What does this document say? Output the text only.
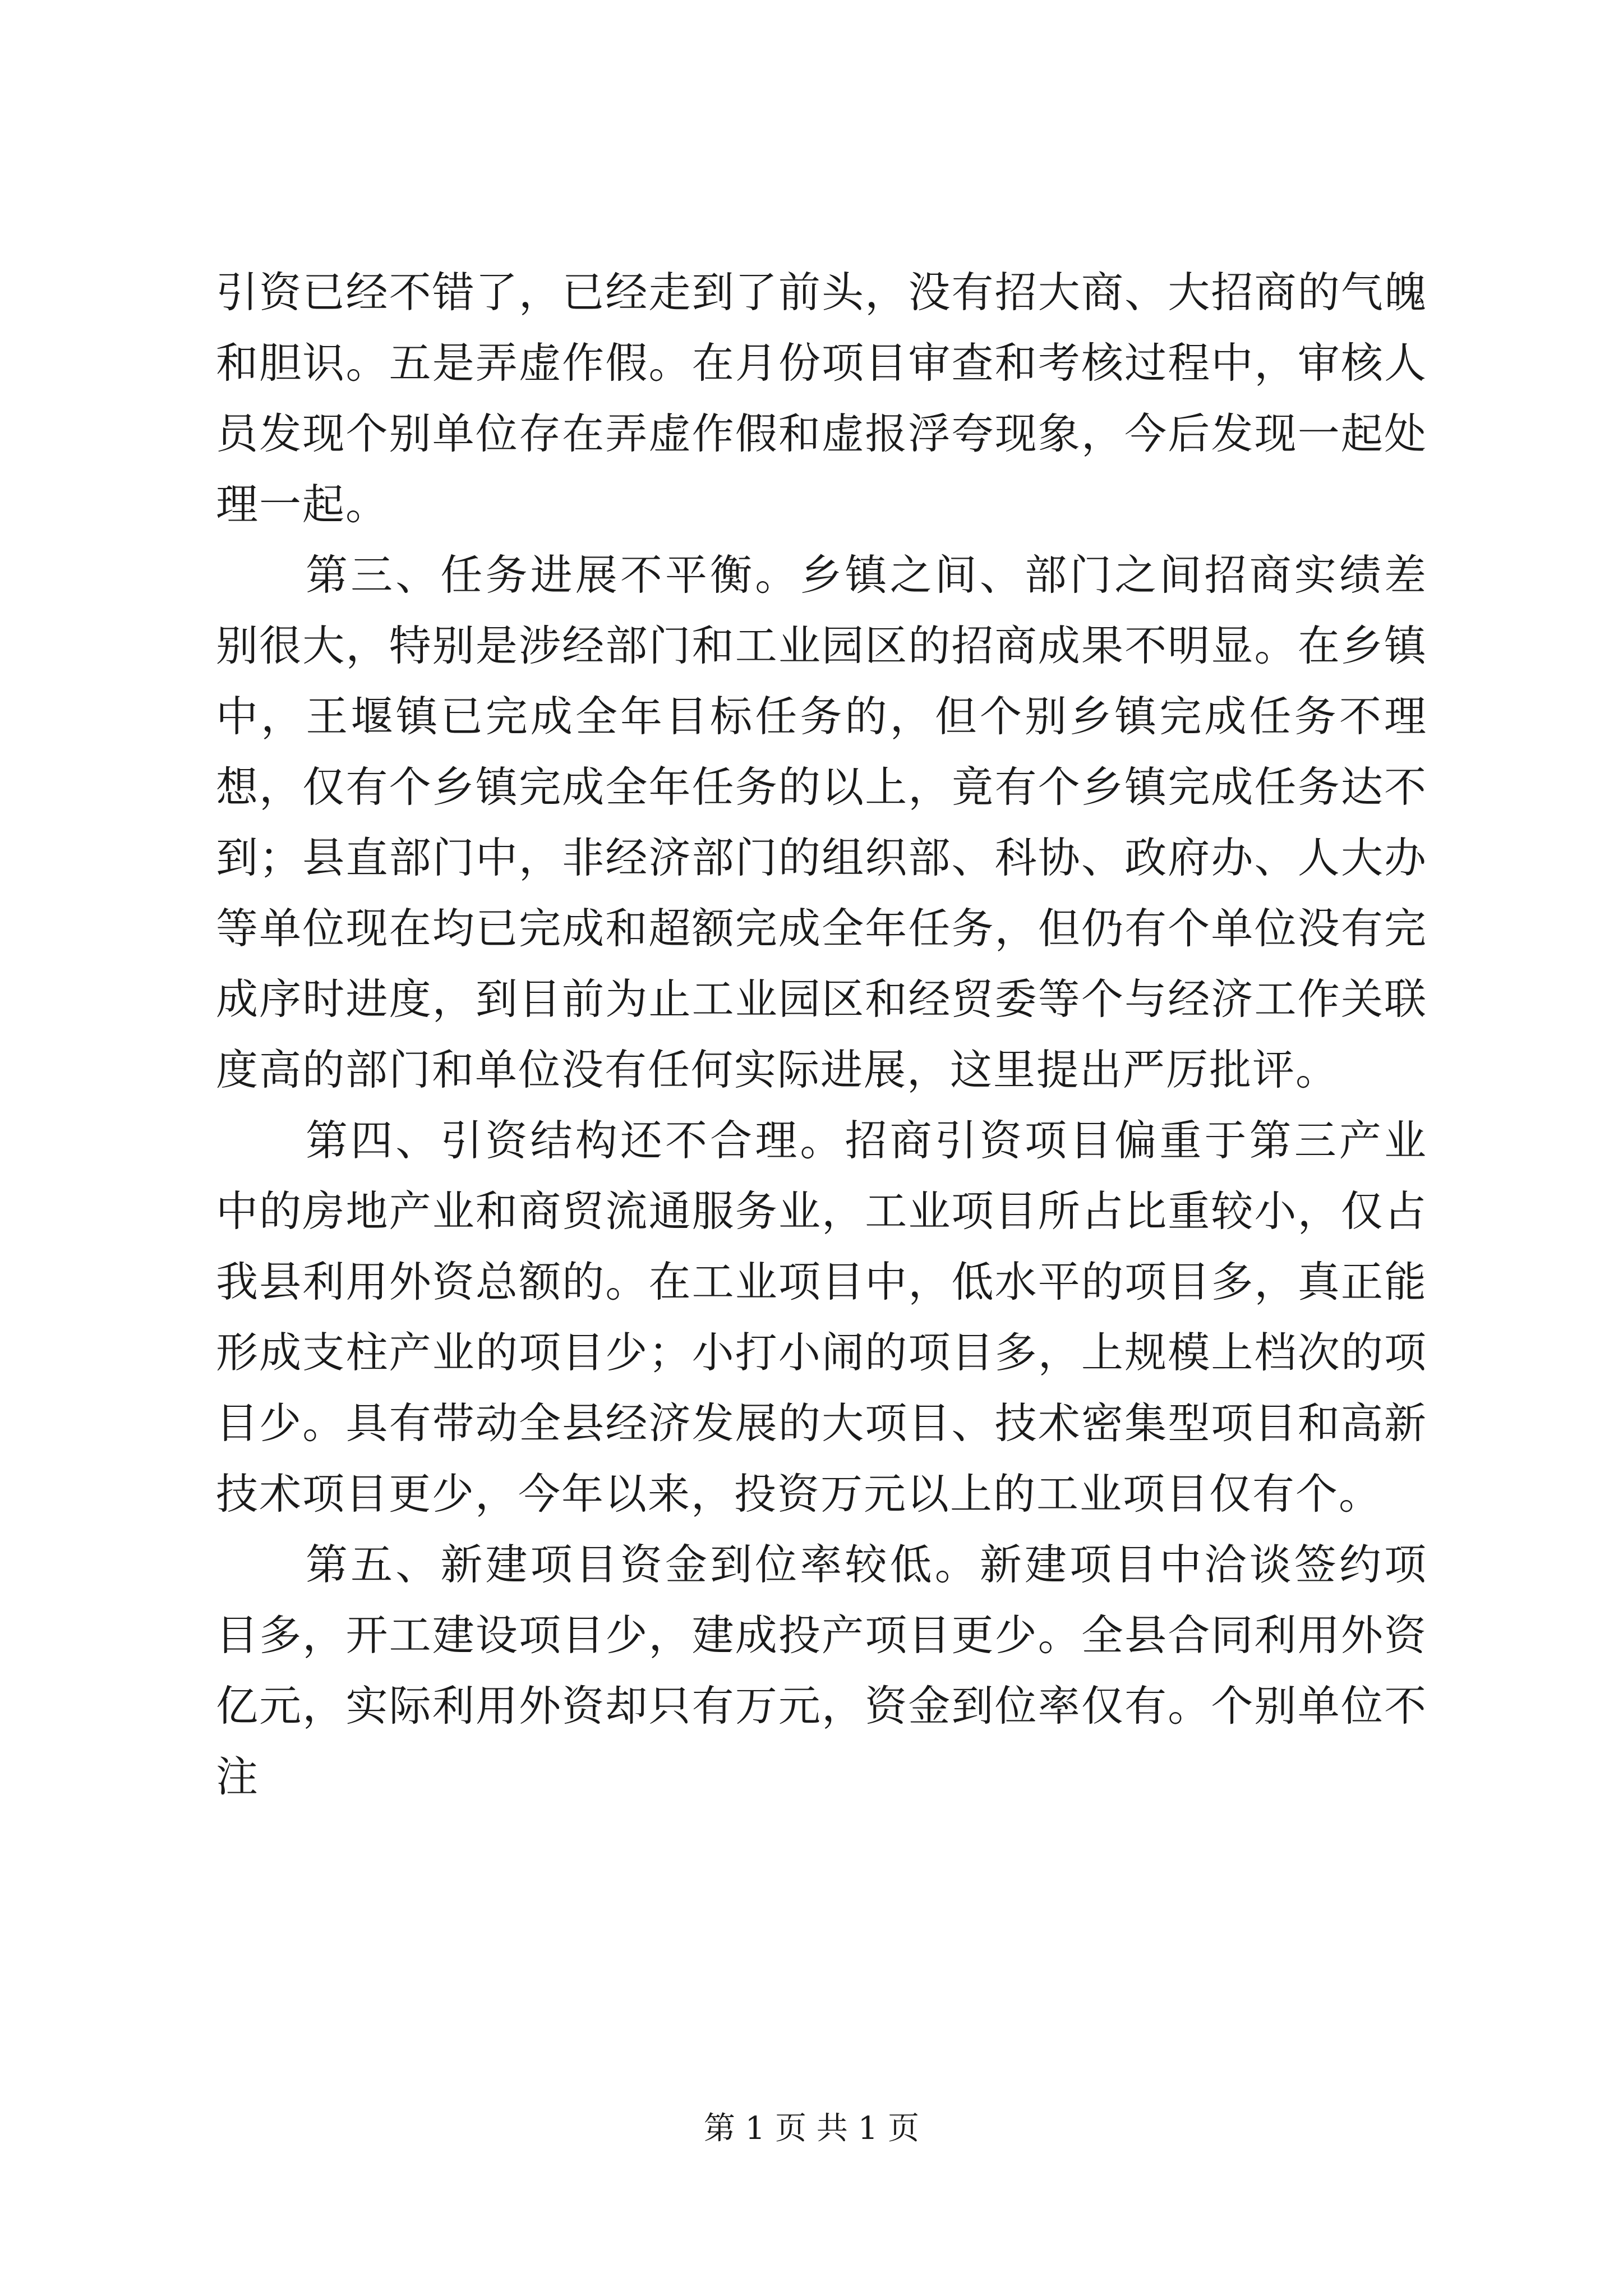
引资已经不错了，已经走到了前头，没有招大商、大招商的气魄和胆识。五是弄虚作假。在月份项目审查和考核过程中，审核人员发现个别单位存在弄虚作假和虚报浮夸现象，今后发现一起处理一起。

第三、任务进展不平衡。乡镇之间、部门之间招商实绩差别很大，特别是涉经部门和工业园区的招商成果不明显。在乡镇中，王堰镇已完成全年目标任务的，但个别乡镇完成任务不理想，仅有个乡镇完成全年任务的以上，竟有个乡镇完成任务达不到；县直部门中，非经济部门的组织部、科协、政府办、人大办等单位现在均已完成和超额完成全年任务，但仍有个单位没有完成序时进度，到目前为止工业园区和经贸委等个与经济工作关联度高的部门和单位没有任何实际进展，这里提出严厉批评。

第四、引资结构还不合理。招商引资项目偏重于第三产业中的房地产业和商贸流通服务业，工业项目所占比重较小，仅占我县利用外资总额的。在工业项目中，低水平的项目多，真正能形成支柱产业的项目少；小打小闹的项目多，上规模上档次的项目少。具有带动全县经济发展的大项目、技术密集型项目和高新技术项目更少，今年以来，投资万元以上的工业项目仅有个。

第五、新建项目资金到位率较低。新建项目中洽谈签约项目多，开工建设项目少，建成投产项目更少。全县合同利用外资亿元，实际利用外资却只有万元，资金到位率仅有。个别单位不注

第 1 页 共 1 页
